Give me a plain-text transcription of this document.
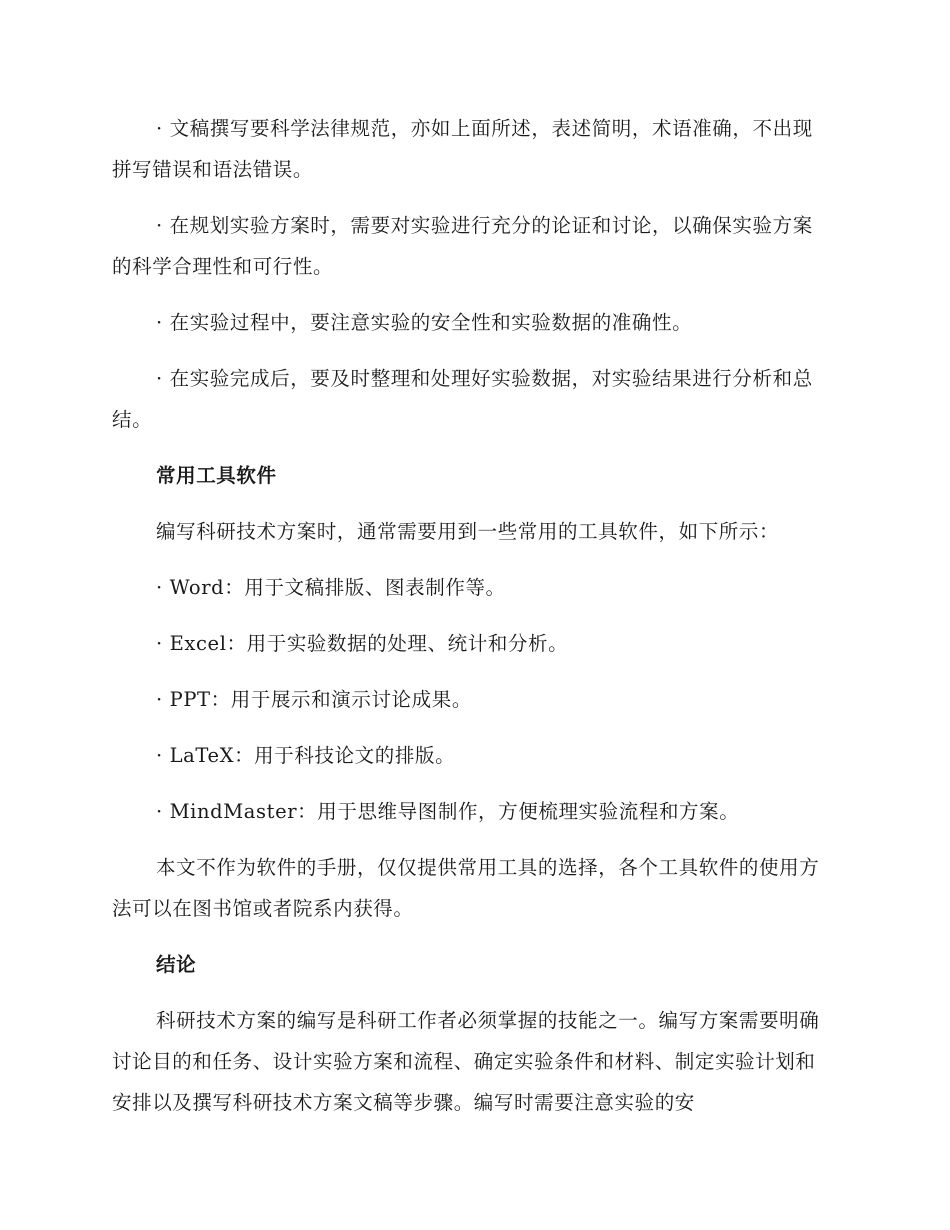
· 文稿撰写要科学法律规范，亦如上面所述，表述简明，术语准确，不出现拼写错误和语法错误。

· 在规划实验方案时，需要对实验进行充分的论证和讨论，以确保实验方案的科学合理性和可行性。

· 在实验过程中，要注意实验的安全性和实验数据的准确性。

· 在实验完成后，要及时整理和处理好实验数据，对实验结果进行分析和总结。

常用工具软件

编写科研技术方案时，通常需要用到一些常用的工具软件，如下所示：

· Word：用于文稿排版、图表制作等。

· Excel：用于实验数据的处理、统计和分析。

· PPT：用于展示和演示讨论成果。

· LaTeX：用于科技论文的排版。

· MindMaster：用于思维导图制作，方便梳理实验流程和方案。

本文不作为软件的手册，仅仅提供常用工具的选择，各个工具软件的使用方法可以在图书馆或者院系内获得。

结论

科研技术方案的编写是科研工作者必须掌握的技能之一。编写方案需要明确讨论目的和任务、设计实验方案和流程、确定实验条件和材料、制定实验计划和安排以及撰写科研技术方案文稿等步骤。编写时需要注意实验的安
